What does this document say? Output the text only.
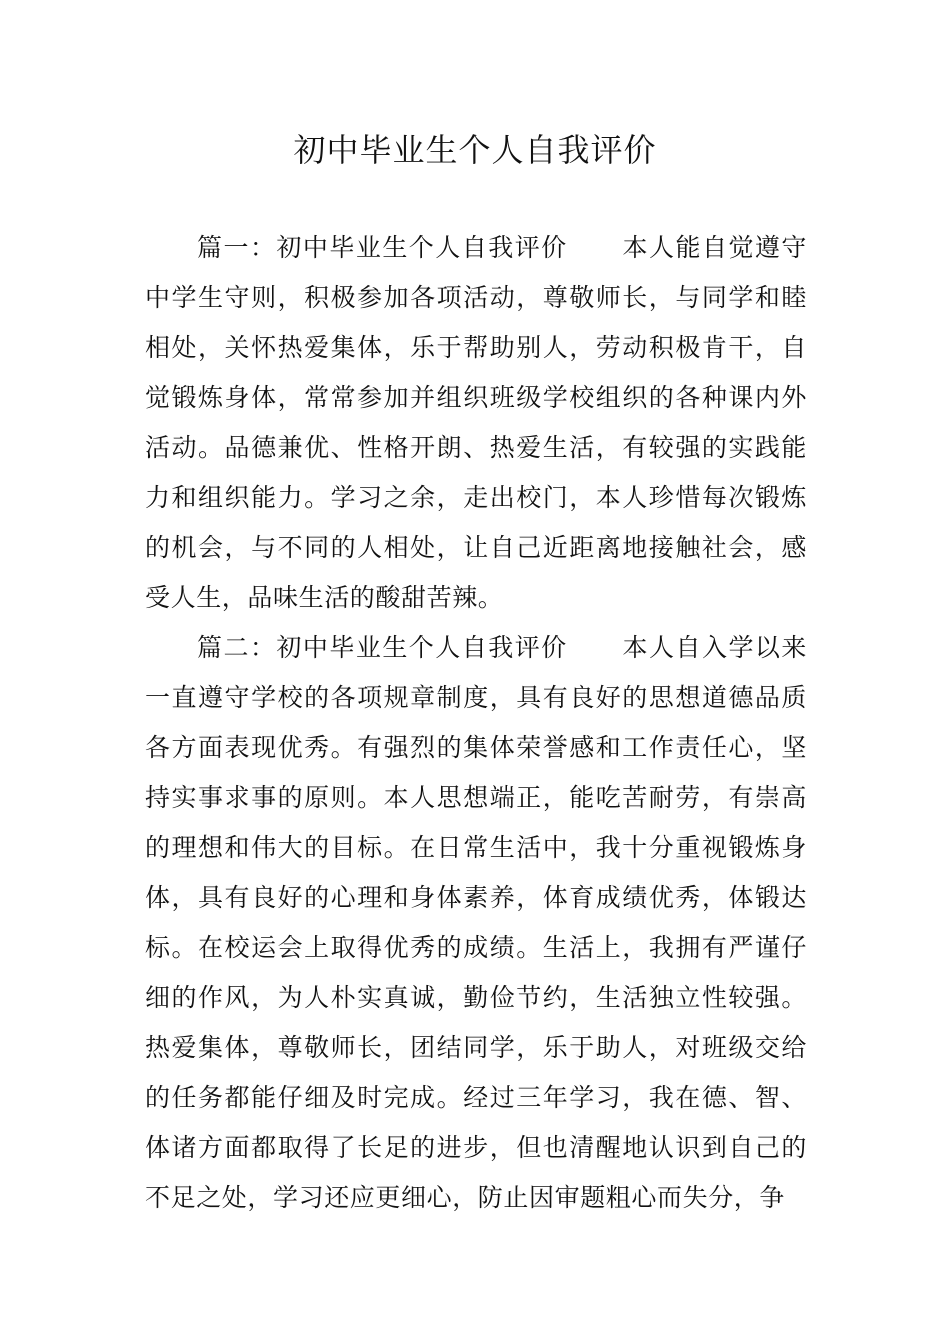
初中毕业生个人自我评价

篇一：初中毕业生个人自我评价 本人能自觉遵守中学生守则，积极参加各项活动，尊敬师长，与同学和睦相处，关怀热爱集体，乐于帮助别人，劳动积极肯干，自觉锻炼身体，常常参加并组织班级学校组织的各种课内外活动。品德兼优、性格开朗、热爱生活，有较强的实践能力和组织能力。学习之余，走出校门，本人珍惜每次锻炼的机会，与不同的人相处，让自己近距离地接触社会，感受人生，品味生活的酸甜苦辣。

篇二：初中毕业生个人自我评价 本人自入学以来一直遵守学校的各项规章制度，具有良好的思想道德品质各方面表现优秀。有强烈的集体荣誉感和工作责任心，坚持实事求事的原则。本人思想端正，能吃苦耐劳，有崇高的理想和伟大的目标。在日常生活中，我十分重视锻炼身体，具有良好的心理和身体素养，体育成绩优秀，体锻达标。在校运会上取得优秀的成绩。生活上，我拥有严谨仔细的作风，为人朴实真诚，勤俭节约，生活独立性较强。热爱集体，尊敬师长，团结同学，乐于助人，对班级交给的任务都能仔细及时完成。经过三年学习，我在德、智、体诸方面都取得了长足的进步，但也清醒地认识到自己的不足之处，学习还应更细心，防止因审题粗心而失分，争
